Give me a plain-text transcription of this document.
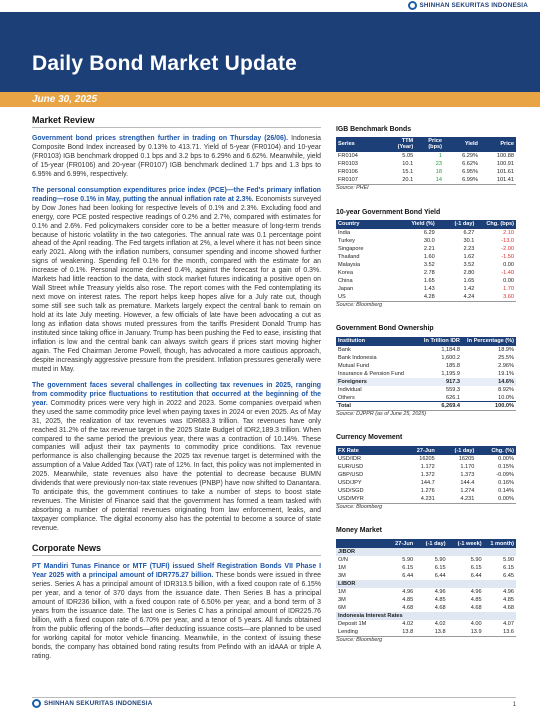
SHINHAN SEKURITAS INDONESIA
Daily Bond Market Update
June 30, 2025
Market Review

Government bond prices strengthen further in trading on Thursday (26/06). Indonesia Composite Bond Index increased by 0.13% to 413.71. Yield of 5-year (FR0104) and 10-year (FR0103) IGB benchmark dropped 0.1 bps and 3.2 bps to 6.29% and 6.62%. Meanwhile, yield of 15-year (FR0106) and 20-year (FR0107) IGB benchmark declined 1.7 bps and 1.3 bps to 6.95% and 6.99%, respectively.

The personal consumption expenditures price index (PCE)—the Fed's primary inflation reading—rose 0.1% in May, putting the annual inflation rate at 2.3%. Economists surveyed by Dow Jones had been looking for respective levels of 0.1% and 2.3%. Excluding food and energy, core PCE posted respective readings of 0.2% and 2.7%, compared with estimates for 0.1% and 2.6%. Fed policymakers consider core to be a better measure of long-term trends because of historic volatility in the two categories. The annual rate was 0.1 percentage point ahead of the April reading. The Fed targets inflation at 2%, a level where it has not been since early 2021. Along with the inflation numbers, consumer spending and income showed further signs of weakening. Spending fell 0.1% for the month, compared with the estimate for an increase of 0.1%. Personal income declined 0.4%, against the forecast for a gain of 0.3%. Markets had little reaction to the data, with stock market futures indicating a positive open on Wall Street while Treasury yields also rose. The report comes with the Fed contemplating its next move on interest rates. The report helps keep hopes alive for a July rate cut, though some still see such talk as premature. Markets largely expect the central bank to remain on hold at its late July meeting. However, a few officials of late have been advocating a cut as long as inflation data shows muted pressures from the tariffs President Donald Trump has instituted since taking office in January. Trump has been pushing the Fed to ease, insisting that inflation is low and the central bank can always switch gears if prices start moving higher again. The Fed Chairman Jerome Powell, though, has advocated a more cautious approach, despite increasingly aggressive pressure from the president. Inflation pressures generally were muted in May.

The government faces several challenges in collecting tax revenues in 2025, ranging from commodity price fluctuations to restitution that occurred at the beginning of the year. Commodity prices were very high in 2022 and 2023. Some companies overpaid when they used the same commodity price level when paying taxes in 2024 or even 2025. As of May 31, 2025, the realization of tax revenues was IDR683.3 trillion. Tax revenues have only reached 31.2% of the tax revenue target in the 2025 State Budget of IDR2,189.3 trillion. When compared to the same period the previous year, there was a contraction of 10.14%. These companies will adjust their tax payments to commodity price conditions. Tax revenue performance is also challenging because the 2025 tax revenue target is determined with the assumption of a Value Added Tax (VAT) rate of 12%. In fact, this policy was not implemented in 2025. Meanwhile, state revenues also have the potential to decrease because BUMN dividends that were previously non-tax state revenues (PNBP) have now shifted to Danantara. To anticipate this, the government continues to take a number of steps to boost state revenues. The Minister of Finance said that the government has formed a team tasked with absorbing a number of potential revenues originating from law enforcement, leaks, and taxpayer compliance. The digital economy also has the potential to become a source of state revenue.

Corporate News

PT Mandiri Tunas Finance or MTF (TUFI) issued Shelf Registration Bonds VII Phase I Year 2025 with a principal amount of IDR775.27 billion. These bonds were issued in three series. Series A has a principal amount of IDR313.5 billion, with a fixed coupon rate of 6.15% per year, and a tenor of 370 days from the issuance date. Then Series B has a principal amount of IDR236 billion, with a fixed coupon rate of 6.50% per year, and a bond term of 3 years from the issuance date. The last one is Series C has a principal amount of IDR225.76 billion, with a fixed coupon rate of 6.70% per year, and a tenor of 5 years. All funds obtained from the public offering of the bonds—after deducting issuance costs—are planned to be used for working capital for motor vehicle financing. Meanwhile, in the context of issuing these bonds, the company has obtained bond rating results from Pefindo with an idAAA or triple A rating.

IGB Benchmark Bonds
Series	TTM (Year)	Price (bps)	Yield	Price
FR0104	5.05	1	6.29%	100.88
FR0103	10.1	23	6.62%	100.91
FR0106	15.1	18	6.95%	101.61
FR0107	20.1	14	6.99%	101.41
Source: PHEI
10-year Government Bond Yield
Country	Yield (%)	(-1 day)	Chg. (bps)
India	6.29	6.27	2.10
Turkey	30.0	30.1	-13.0
Singapore	2.21	2.23	-2.00
Thailand	1.60	1.62	-1.50
Malaysia	3.52	3.52	0.00
Korea	2.78	2.80	-1.40
China	1.65	1.65	0.00
Japan	1.43	1.42	1.70
US	4.28	4.24	3.60
Source: Bloomberg
Government Bond Ownership
Institution	In Trillion IDR	In Percentage (%)
Bank	1,184.8	18.9%
Bank Indonesia	1,600.2	25.5%
Mutual Fund	185.8	2.96%
Insurance & Pension Fund	1,195.9	19.1%
Foreigners	917.3	14.6%
Individual	559.3	8.92%
Others	626.1	10.0%
Total	6,269.4	100.0%
Source: DJPPR (as of June 25, 2025)
Currency Movement
FX Rate	27-Jun	(-1 day)	Chg. (%)
USD/IDR	16205	16205	0.00%
EUR/USD	1.172	1.170	0.15%
GBP/USD	1.372	1.373	-0.09%
USD/JPY	144.7	144.4	0.16%
USD/SGD	1.276	1.274	0.14%
USD/MYR	4.231	4.231	0.00%
Source: Bloomberg
Money Market
	27-Jun	(-1 day)	(-1 week)	1 month)
JIBOR				
O/N	5.90	5.90	5.90	5.90
1M	6.15	6.15	6.15	6.15
3M	6.44	6.44	6.44	6.45
LIBOR				
1M	4.96	4.96	4.96	4.96
3M	4.85	4.85	4.85	4.85
6M	4.68	4.68	4.68	4.68
Indonesia Interest Rates				
Deposit 1M	4.02	4.02	4.00	4.07
Lending	13.8	13.8	13.9	13.6
Source: Bloomberg
SHINHAN SEKURITAS INDONESIA	1
